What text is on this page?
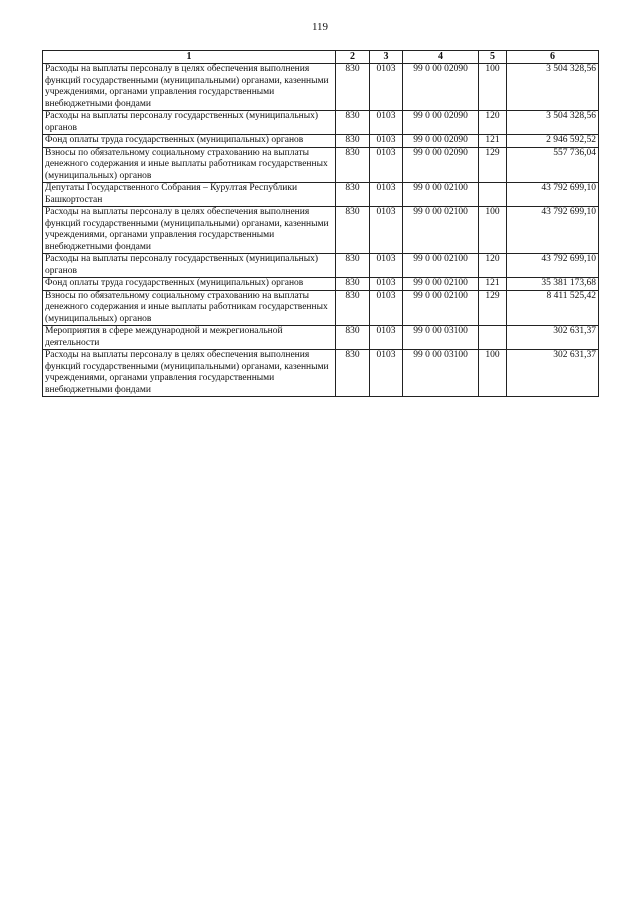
119
1	2	3	4	5	6
Расходы на выплаты персоналу в целях обеспечения выполнения функций государственными (муниципальными) органами, казенными учреждениями, органами управления государственными внебюджетными фондами	830	0103	99 0 00 02090	100	3 504 328,56
Расходы на выплаты персоналу государственных (муниципальных) органов	830	0103	99 0 00 02090	120	3 504 328,56
Фонд оплаты труда государственных (муниципальных) органов	830	0103	99 0 00 02090	121	2 946 592,52
Взносы по обязательному социальному страхованию на выплаты денежного содержания и иные выплаты работникам государственных (муниципальных) органов	830	0103	99 0 00 02090	129	557 736,04
Депутаты Государственного Собрания – Курултая Республики Башкортостан	830	0103	99 0 00 02100		43 792 699,10
Расходы на выплаты персоналу в целях обеспечения выполнения функций государственными (муниципальными) органами, казенными учреждениями, органами управления государственными внебюджетными фондами	830	0103	99 0 00 02100	100	43 792 699,10
Расходы на выплаты персоналу государственных (муниципальных) органов	830	0103	99 0 00 02100	120	43 792 699,10
Фонд оплаты труда государственных (муниципальных) органов	830	0103	99 0 00 02100	121	35 381 173,68
Взносы по обязательному социальному страхованию на выплаты денежного содержания и иные выплаты работникам государственных (муниципальных) органов	830	0103	99 0 00 02100	129	8 411 525,42
Мероприятия в сфере международной и межрегиональной деятельности	830	0103	99 0 00 03100		302 631,37
Расходы на выплаты персоналу в целях обеспечения выполнения функций государственными (муниципальными) органами, казенными учреждениями, органами управления государственными внебюджетными фондами	830	0103	99 0 00 03100	100	302 631,37
